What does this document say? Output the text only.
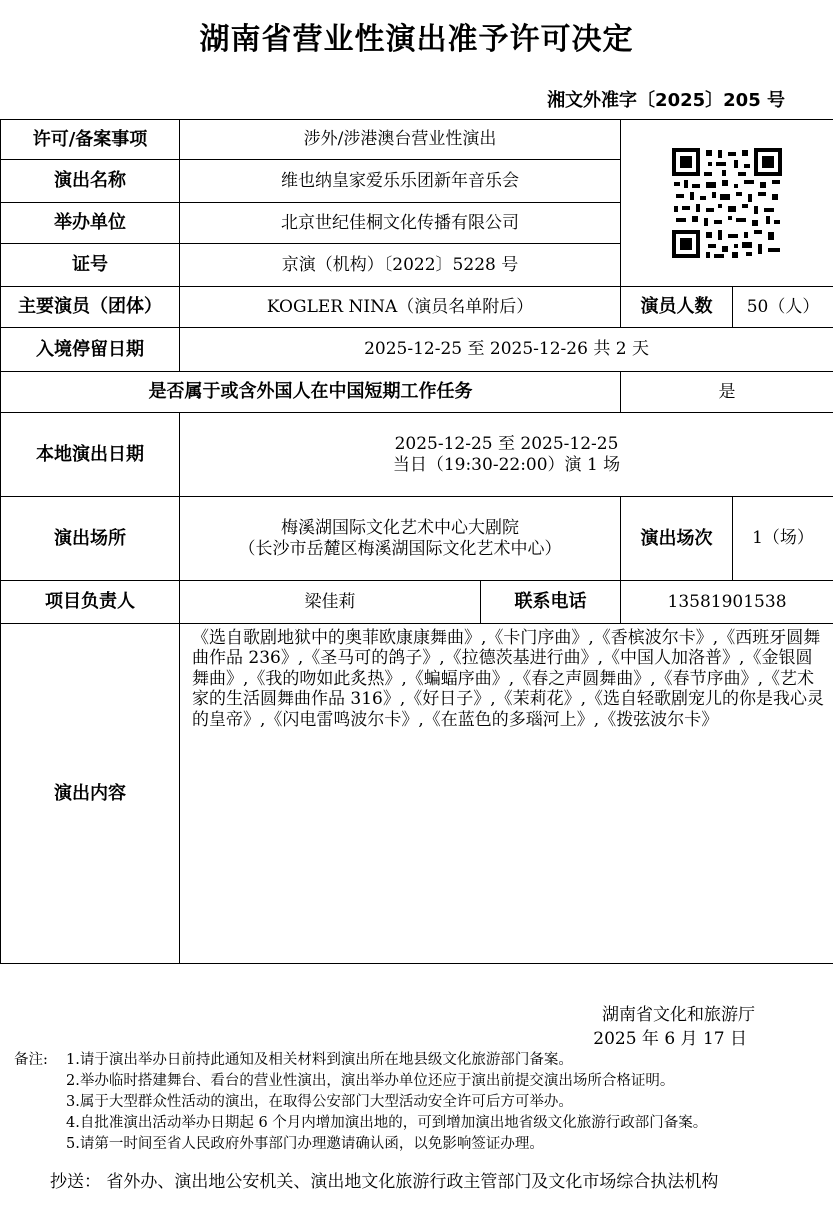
湖南省营业性演出准予许可决定
湘文外准字〔2025〕205 号
许可/备案事项	涉外/涉港澳台营业性演出	

演出名称	维也纳皇家爱乐乐团新年音乐会			
举办单位	北京世纪佳桐文化传播有限公司			
证号	京演（机构）〔2022〕5228 号			
主要演员（团体）	KOGLER NINA（演员名单附后）		演员人数	50（人）
入境停留日期	2025-12-25 至 2025-12-26 共 2 天			
是否属于或含外国人在中国短期工作任务			是	
本地演出日期	2025-12-25 至 2025-12-25
当日（19:30-22:00）演 1 场			

演出场所	梅溪湖国际文化艺术中心大剧院
（长沙市岳麓区梅溪湖国际文化艺术中心）		演出场次	1（场）
项目负责人	梁佳莉	联系电话	13581901538	
演出内容	《选自歌剧地狱中的奥菲欧康康舞曲》,《卡门序曲》,《香槟波尔卡》,《西班牙圆舞曲作品 236》,《圣马可的鸽子》,《拉德茨基进行曲》,《中国人加洛普》,《金银圆舞曲》,《我的吻如此炙热》,《蝙蝠序曲》,《春之声圆舞曲》,《春节序曲》,《艺术家的生活圆舞曲作品 316》,《好日子》,《茉莉花》,《选自轻歌剧宠儿的你是我心灵的皇帝》,《闪电雷鸣波尔卡》,《在蓝色的多瑙河上》,《拨弦波尔卡》			
湖南省文化和旅游厅
2025 年 6 月 17 日
备注: 1.请于演出举办日前持此通知及相关材料到演出所在地县级文化旅游部门备案。
2.举办临时搭建舞台、看台的营业性演出，演出举办单位还应于演出前提交演出场所合格证明。
3.属于大型群众性活动的演出，在取得公安部门大型活动安全许可后方可举办。
4.自批准演出活动举办日期起 6 个月内增加演出地的，可到增加演出地省级文化旅游行政部门备案。
5.请第一时间至省人民政府外事部门办理邀请确认函，以免影响签证办理。
抄送： 省外办、演出地公安机关、演出地文化旅游行政主管部门及文化市场综合执法机构
